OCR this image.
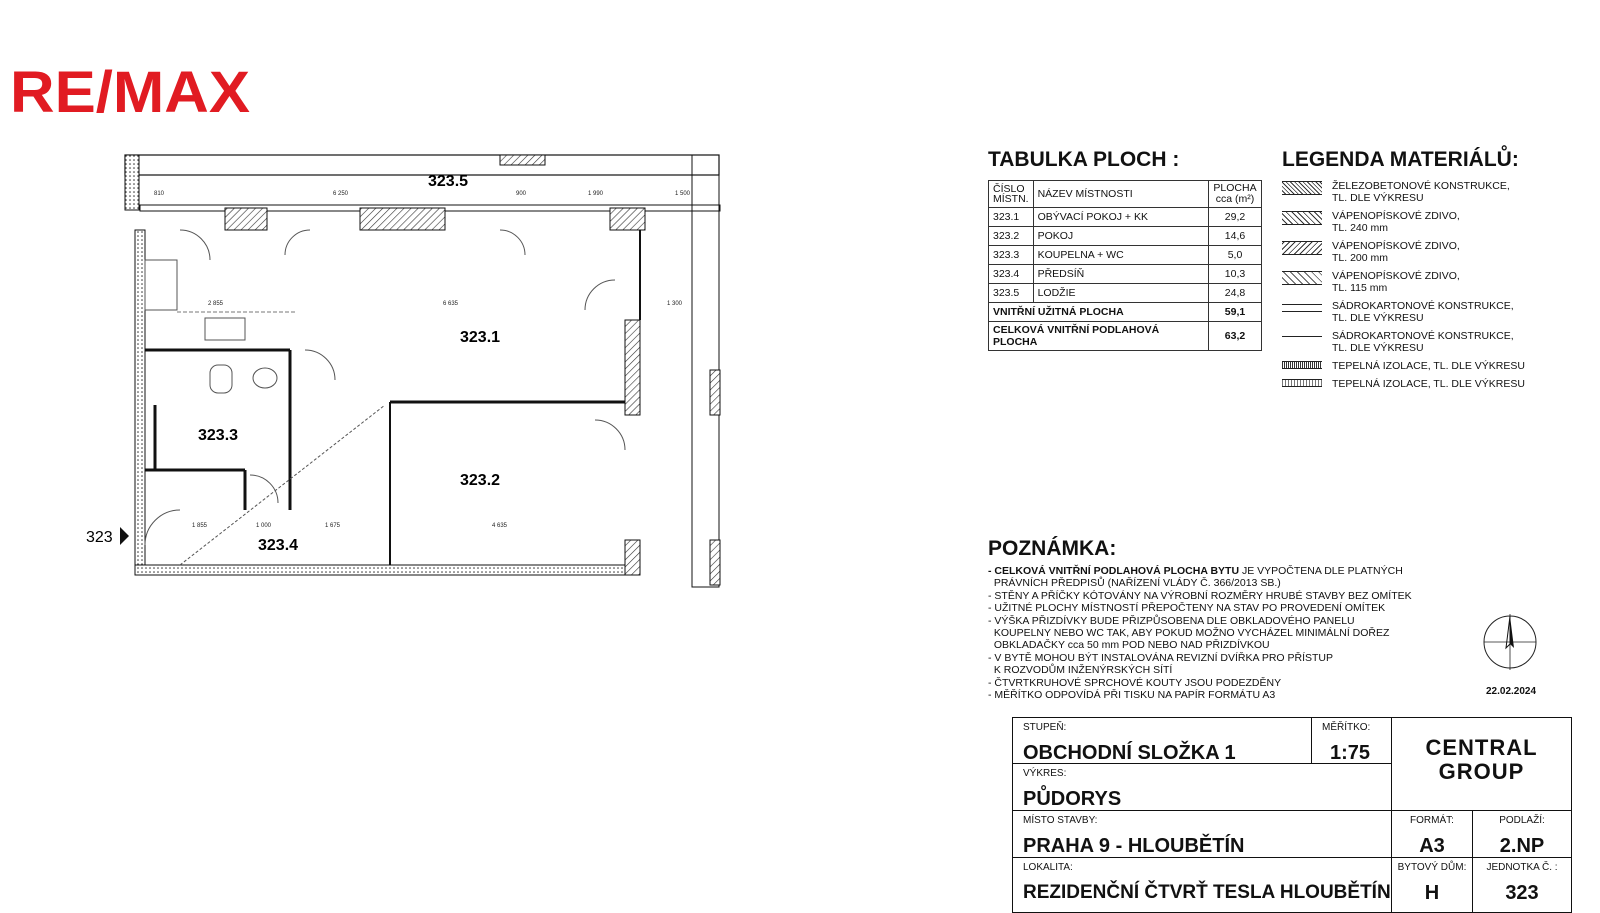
RE/MAX
323.5
323.1
323.3
323.2
323.4
810	6 250	900	1 990	1 500
2 855	6 635	1 300
4 635
1 855	1 000	1 675
323
TABULKA PLOCH :
ČÍSLO
MÍSTN.	NÁZEV MÍSTNOSTI	PLOCHA
cca (m²)
323.1	OBÝVACÍ POKOJ + KK	29,2
323.2	POKOJ	14,6
323.3	KOUPELNA + WC	5,0
323.4	PŘEDSÍŇ	10,3
323.5	LODŽIE	24,8
VNITŘNÍ UŽITNÁ PLOCHA		59,1
CELKOVÁ VNITŘNÍ PODLAHOVÁ PLOCHA		63,2
LEGENDA MATERIÁLŮ:
ŽELEZOBETONOVÉ KONSTRUKCE,
TL. DLE VÝKRESU
VÁPENOPÍSKOVÉ ZDIVO,
TL. 240 mm
VÁPENOPÍSKOVÉ ZDIVO,
TL. 200 mm
VÁPENOPÍSKOVÉ ZDIVO,
TL. 115 mm
SÁDROKARTONOVÉ KONSTRUKCE,
TL. DLE VÝKRESU
SÁDROKARTONOVÉ KONSTRUKCE,
TL. DLE VÝKRESU
TEPELNÁ IZOLACE, TL. DLE VÝKRESU
TEPELNÁ IZOLACE, TL. DLE VÝKRESU
POZNÁMKA:
- CELKOVÁ VNITŘNÍ PODLAHOVÁ PLOCHA BYTU JE VYPOČTENA DLE PLATNÝCH
PRÁVNÍCH PŘEDPISŮ (NAŘÍZENÍ VLÁDY Č. 366/2013 SB.)
- STĚNY A PŘÍČKY KÓTOVÁNY NA VÝROBNÍ ROZMĚRY HRUBÉ STAVBY BEZ OMÍTEK
- UŽITNÉ PLOCHY MÍSTNOSTÍ PŘEPOČTENY NA STAV PO PROVEDENÍ OMÍTEK
- VÝŠKA PŘIZDÍVKY BUDE PŘIZPŮSOBENA DLE OBKLADOVÉHO PANELU
KOUPELNY NEBO WC TAK, ABY POKUD MOŽNO VYCHÁZEL MINIMÁLNÍ DOŘEZ
OBKLADAČKY cca 50 mm POD NEBO NAD PŘIZDÍVKOU
- V BYTĚ MOHOU BÝT INSTALOVÁNA REVIZNÍ DVÍŘKA PRO PŘÍSTUP
K ROZVODŮM INŽENÝRSKÝCH SÍTÍ
- ČTVRTKRUHOVÉ SPRCHOVÉ KOUTY JSOU PODEZDĚNY
- MĚŘÍTKO ODPOVÍDÁ PŘI TISKU NA PAPÍR FORMÁTU A3	22.02.2024
STUPEŇ:
OBCHODNÍ SLOŽKA 1
MĚŘÍTKO:
1:75
VÝKRES:
PŮDORYS
CENTRAL
GROUP
MÍSTO STAVBY:
PRAHA 9 - HLOUBĚTÍN
FORMÁT:
A3
PODLAŽÍ:
2.NP
LOKALITA:
REZIDENČNÍ ČTVRŤ TESLA HLOUBĚTÍN
BYTOVÝ DŮM:
H
JEDNOTKA Č. :
323
